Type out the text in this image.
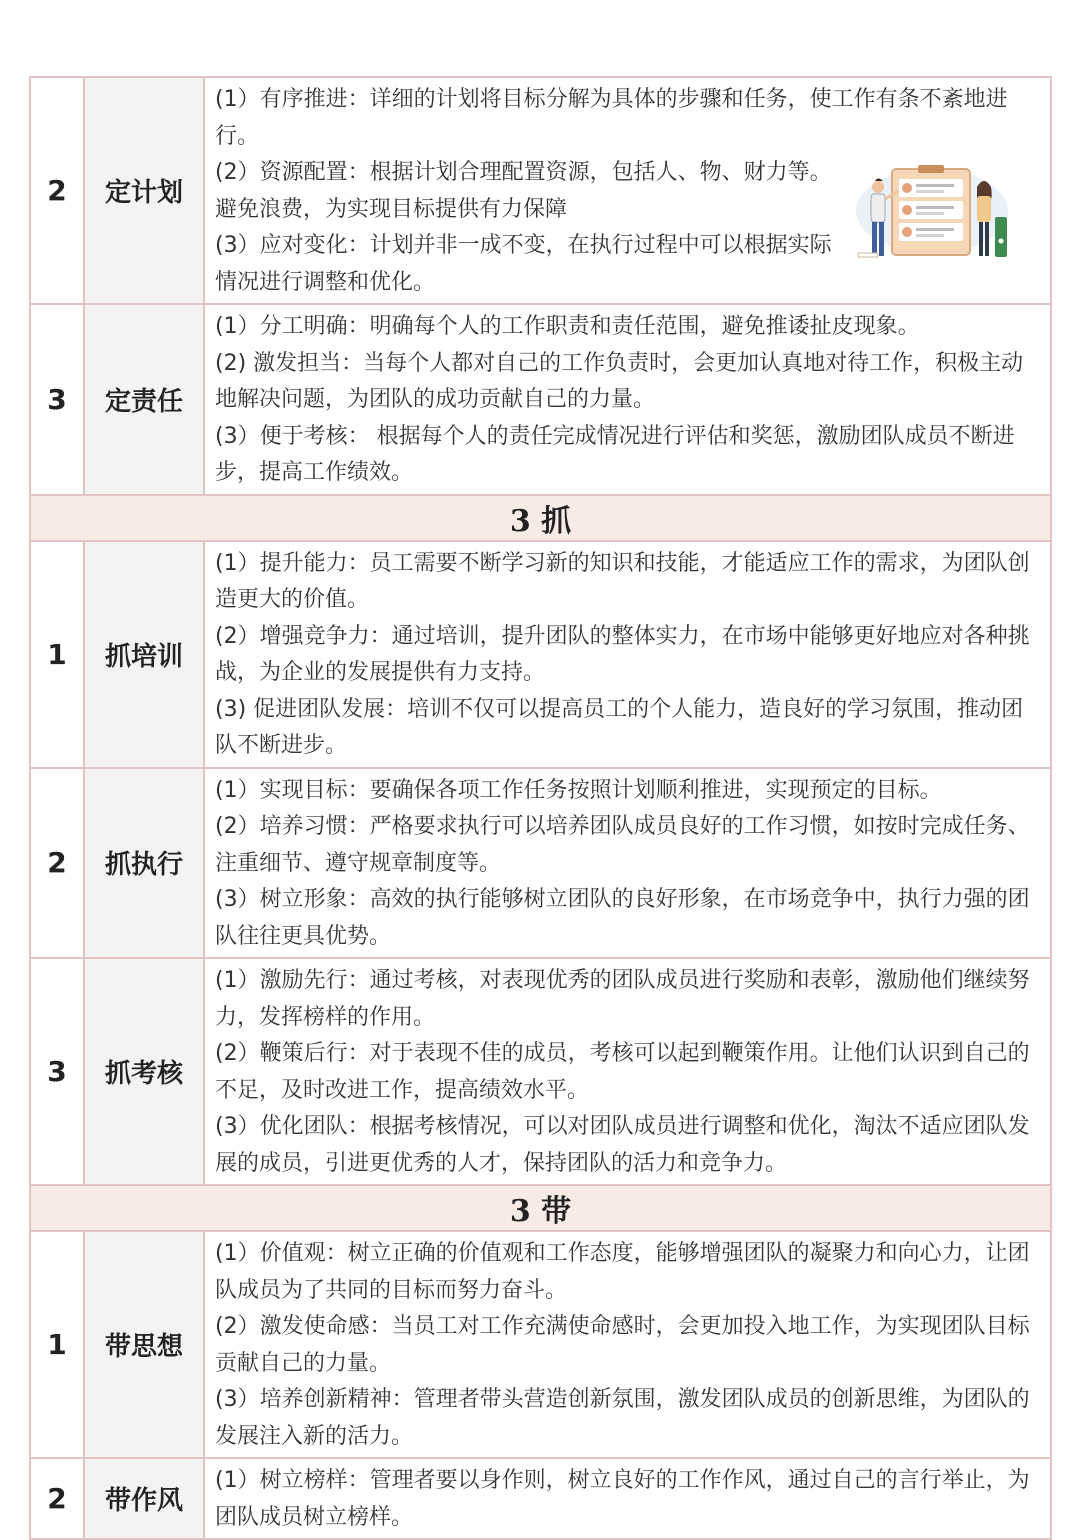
2	定计划	(1）有序推进：详细的计划将目标分解为具体的步骤和任务，使工作有条不紊地进行。

(2）资源配置：根据计划合理配置资源，包括人、物、财力等。避免浪费，为实现目标提供有力保障

(3）应对变化：计划并非一成不变，在执行过程中可以根据实际情况进行调整和优化。

3	定责任	(1）分工明确：明确每个人的工作职责和责任范围，避免推诿扯皮现象。

(2) 激发担当：当每个人都对自己的工作负责时，会更加认真地对待工作，积极主动地解决问题，为团队的成功贡献自己的力量。

(3）便于考核： 根据每个人的责任完成情况进行评估和奖惩，激励团队成员不断进步，提高工作绩效。

3 抓		
1	抓培训	(1）提升能力：员工需要不断学习新的知识和技能，才能适应工作的需求，为团队创造更大的价值。

(2）增强竞争力：通过培训，提升团队的整体实力，在市场中能够更好地应对各种挑战，为企业的发展提供有力支持。

(3) 促进团队发展：培训不仅可以提高员工的个人能力，造良好的学习氛围，推动团队不断进步。

2	抓执行	(1）实现目标：要确保各项工作任务按照计划顺利推进，实现预定的目标。

(2）培养习惯：严格要求执行可以培养团队成员良好的工作习惯，如按时完成任务、注重细节、遵守规章制度等。

(3）树立形象：高效的执行能够树立团队的良好形象，在市场竞争中，执行力强的团队往往更具优势。

3	抓考核	(1）激励先行：通过考核，对表现优秀的团队成员进行奖励和表彰，激励他们继续努力，发挥榜样的作用。

(2）鞭策后行：对于表现不佳的成员，考核可以起到鞭策作用。让他们认识到自己的不足，及时改进工作，提高绩效水平。

(3）优化团队：根据考核情况，可以对团队成员进行调整和优化，淘汰不适应团队发展的成员，引进更优秀的人才，保持团队的活力和竞争力。

3 带		
1	带思想	(1）价值观：树立正确的价值观和工作态度，能够增强团队的凝聚力和向心力，让团队成员为了共同的目标而努力奋斗。

(2）激发使命感：当员工对工作充满使命感时，会更加投入地工作，为实现团队目标贡献自己的力量。

(3）培养创新精神：管理者带头营造创新氛围，激发团队成员的创新思维，为团队的发展注入新的活力。

2	带作风	(1）树立榜样：管理者要以身作则，树立良好的工作作风，通过自己的言行举止，为团队成员树立榜样。
